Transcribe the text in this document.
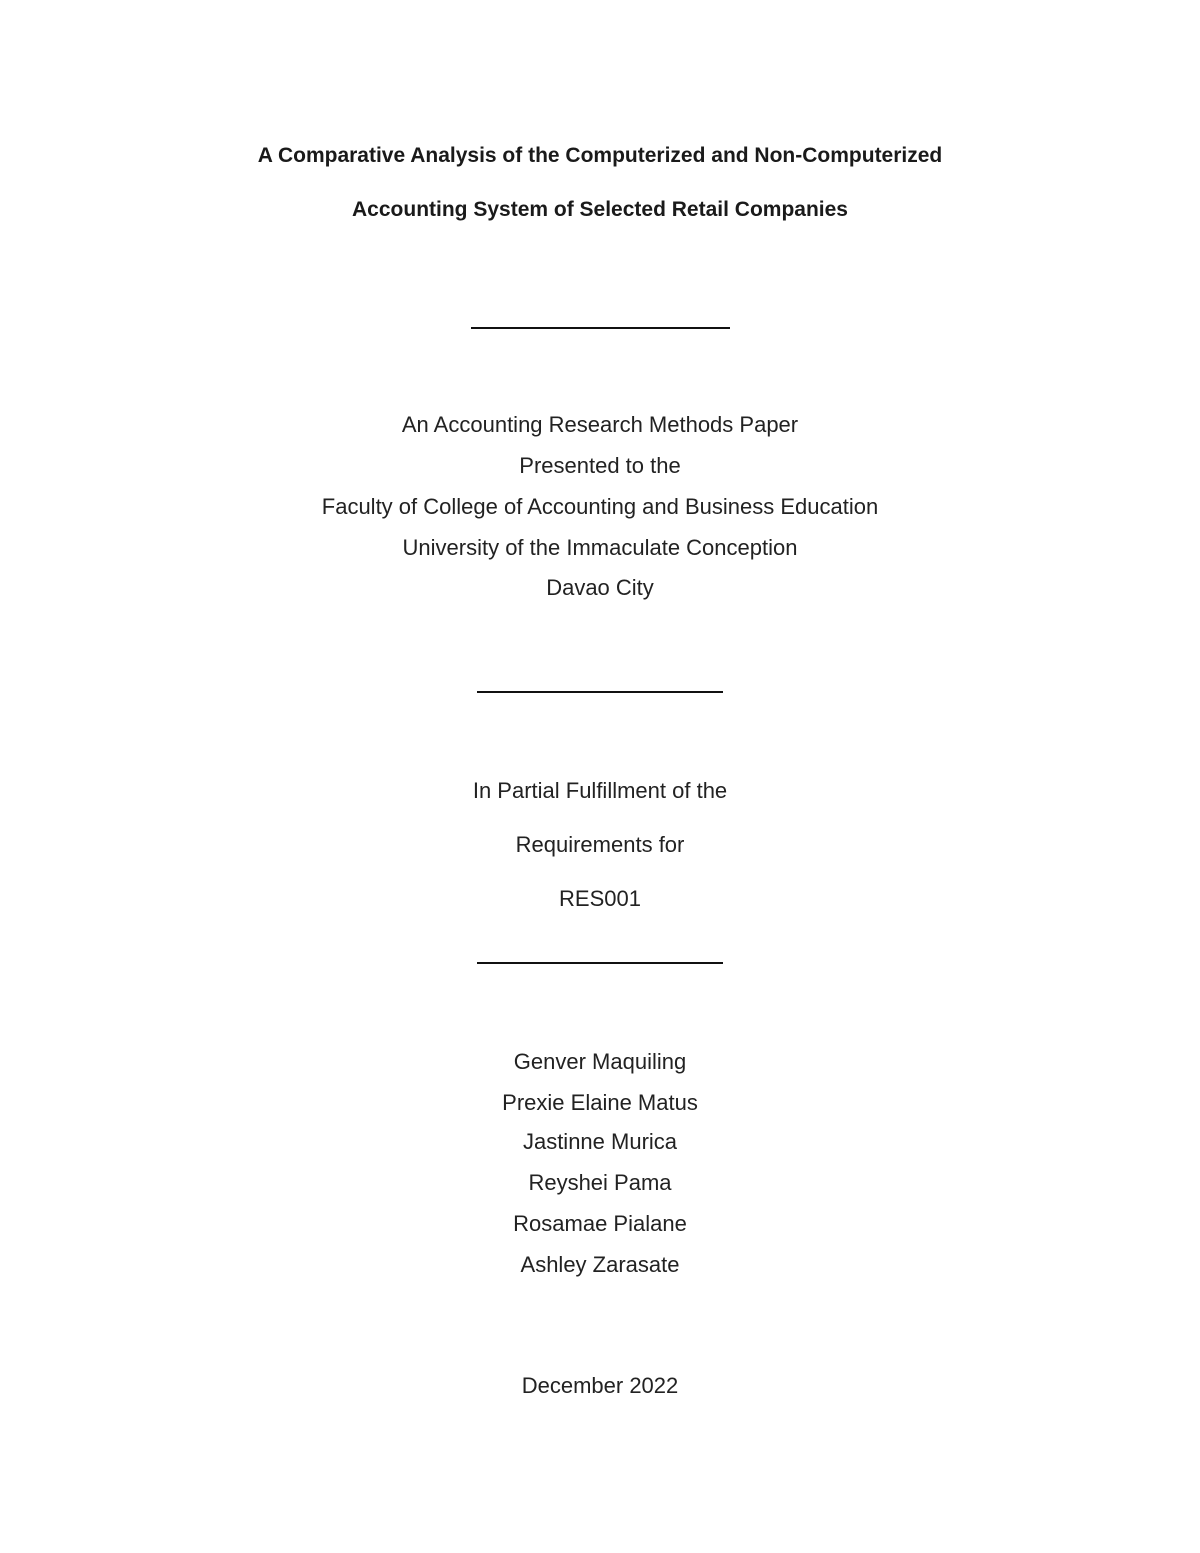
A Comparative Analysis of the Computerized and Non-Computerized
Accounting System of Selected Retail Companies
An Accounting Research Methods Paper
Presented to the
Faculty of College of Accounting and Business Education
University of the Immaculate Conception
Davao City
In Partial Fulfillment of the
Requirements for
RES001
Genver Maquiling
Prexie Elaine Matus
Jastinne Murica
Reyshei Pama
Rosamae Pialane
Ashley Zarasate
December 2022
